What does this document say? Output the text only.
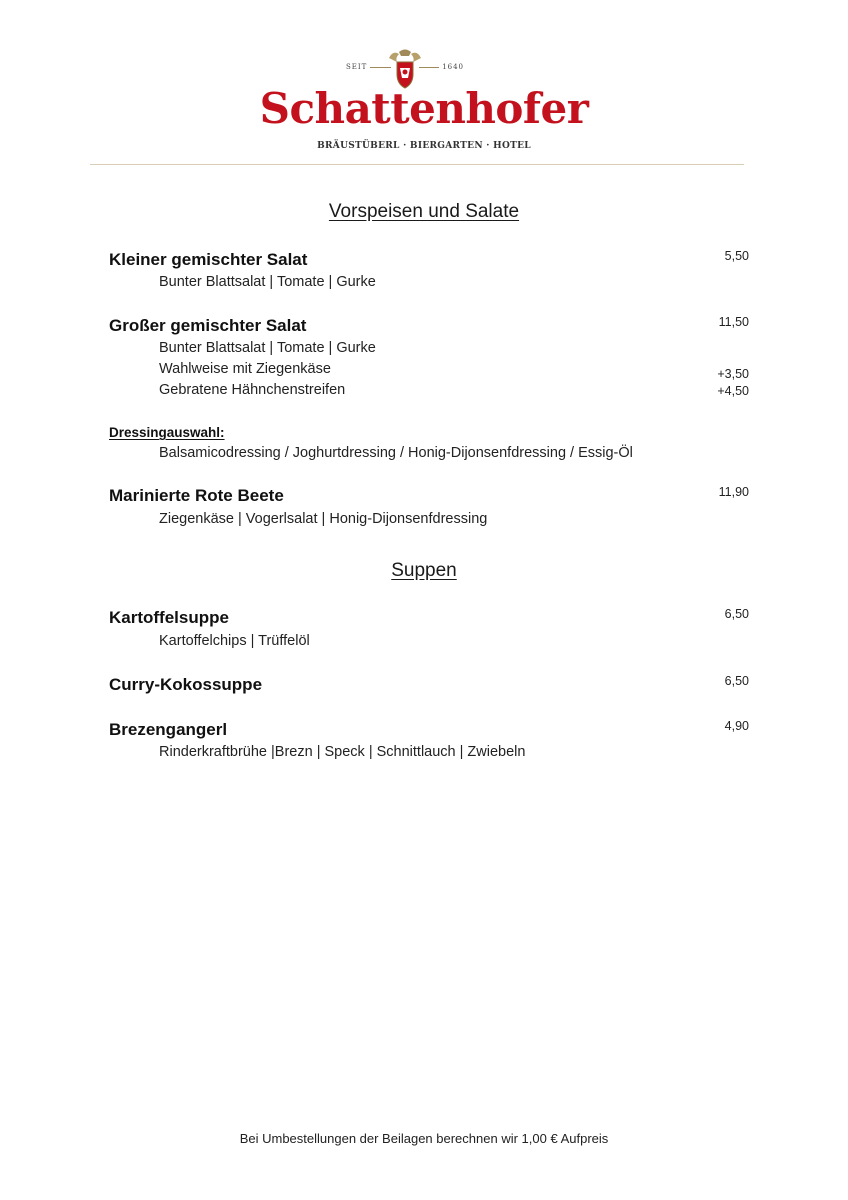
SEIT	1640
Schattenhofer
BRÄUSTÜBERL · BIERGARTEN · HOTEL
Vorspeisen und Salate
Kleiner gemischter Salat	5,50
Bunter Blattsalat | Tomate | Gurke
Großer gemischter Salat	11,50
Bunter Blattsalat | Tomate | Gurke
Wahlweise mit Ziegenkäse	+3,50
Gebratene Hähnchenstreifen	+4,50
Dressingauswahl:
Balsamicodressing / Joghurtdressing / Honig-Dijonsenfdressing / Essig-Öl
Marinierte Rote Beete	11,90
Ziegenkäse | Vogerlsalat | Honig-Dijonsenfdressing
Suppen
Kartoffelsuppe	6,50
Kartoffelchips | Trüffelöl
Curry-Kokossuppe	6,50
Brezengangerl	4,90
Rinderkraftbrühe |Brezn | Speck | Schnittlauch | Zwiebeln
Bei Umbestellungen der Beilagen berechnen wir 1,00 € Aufpreis
